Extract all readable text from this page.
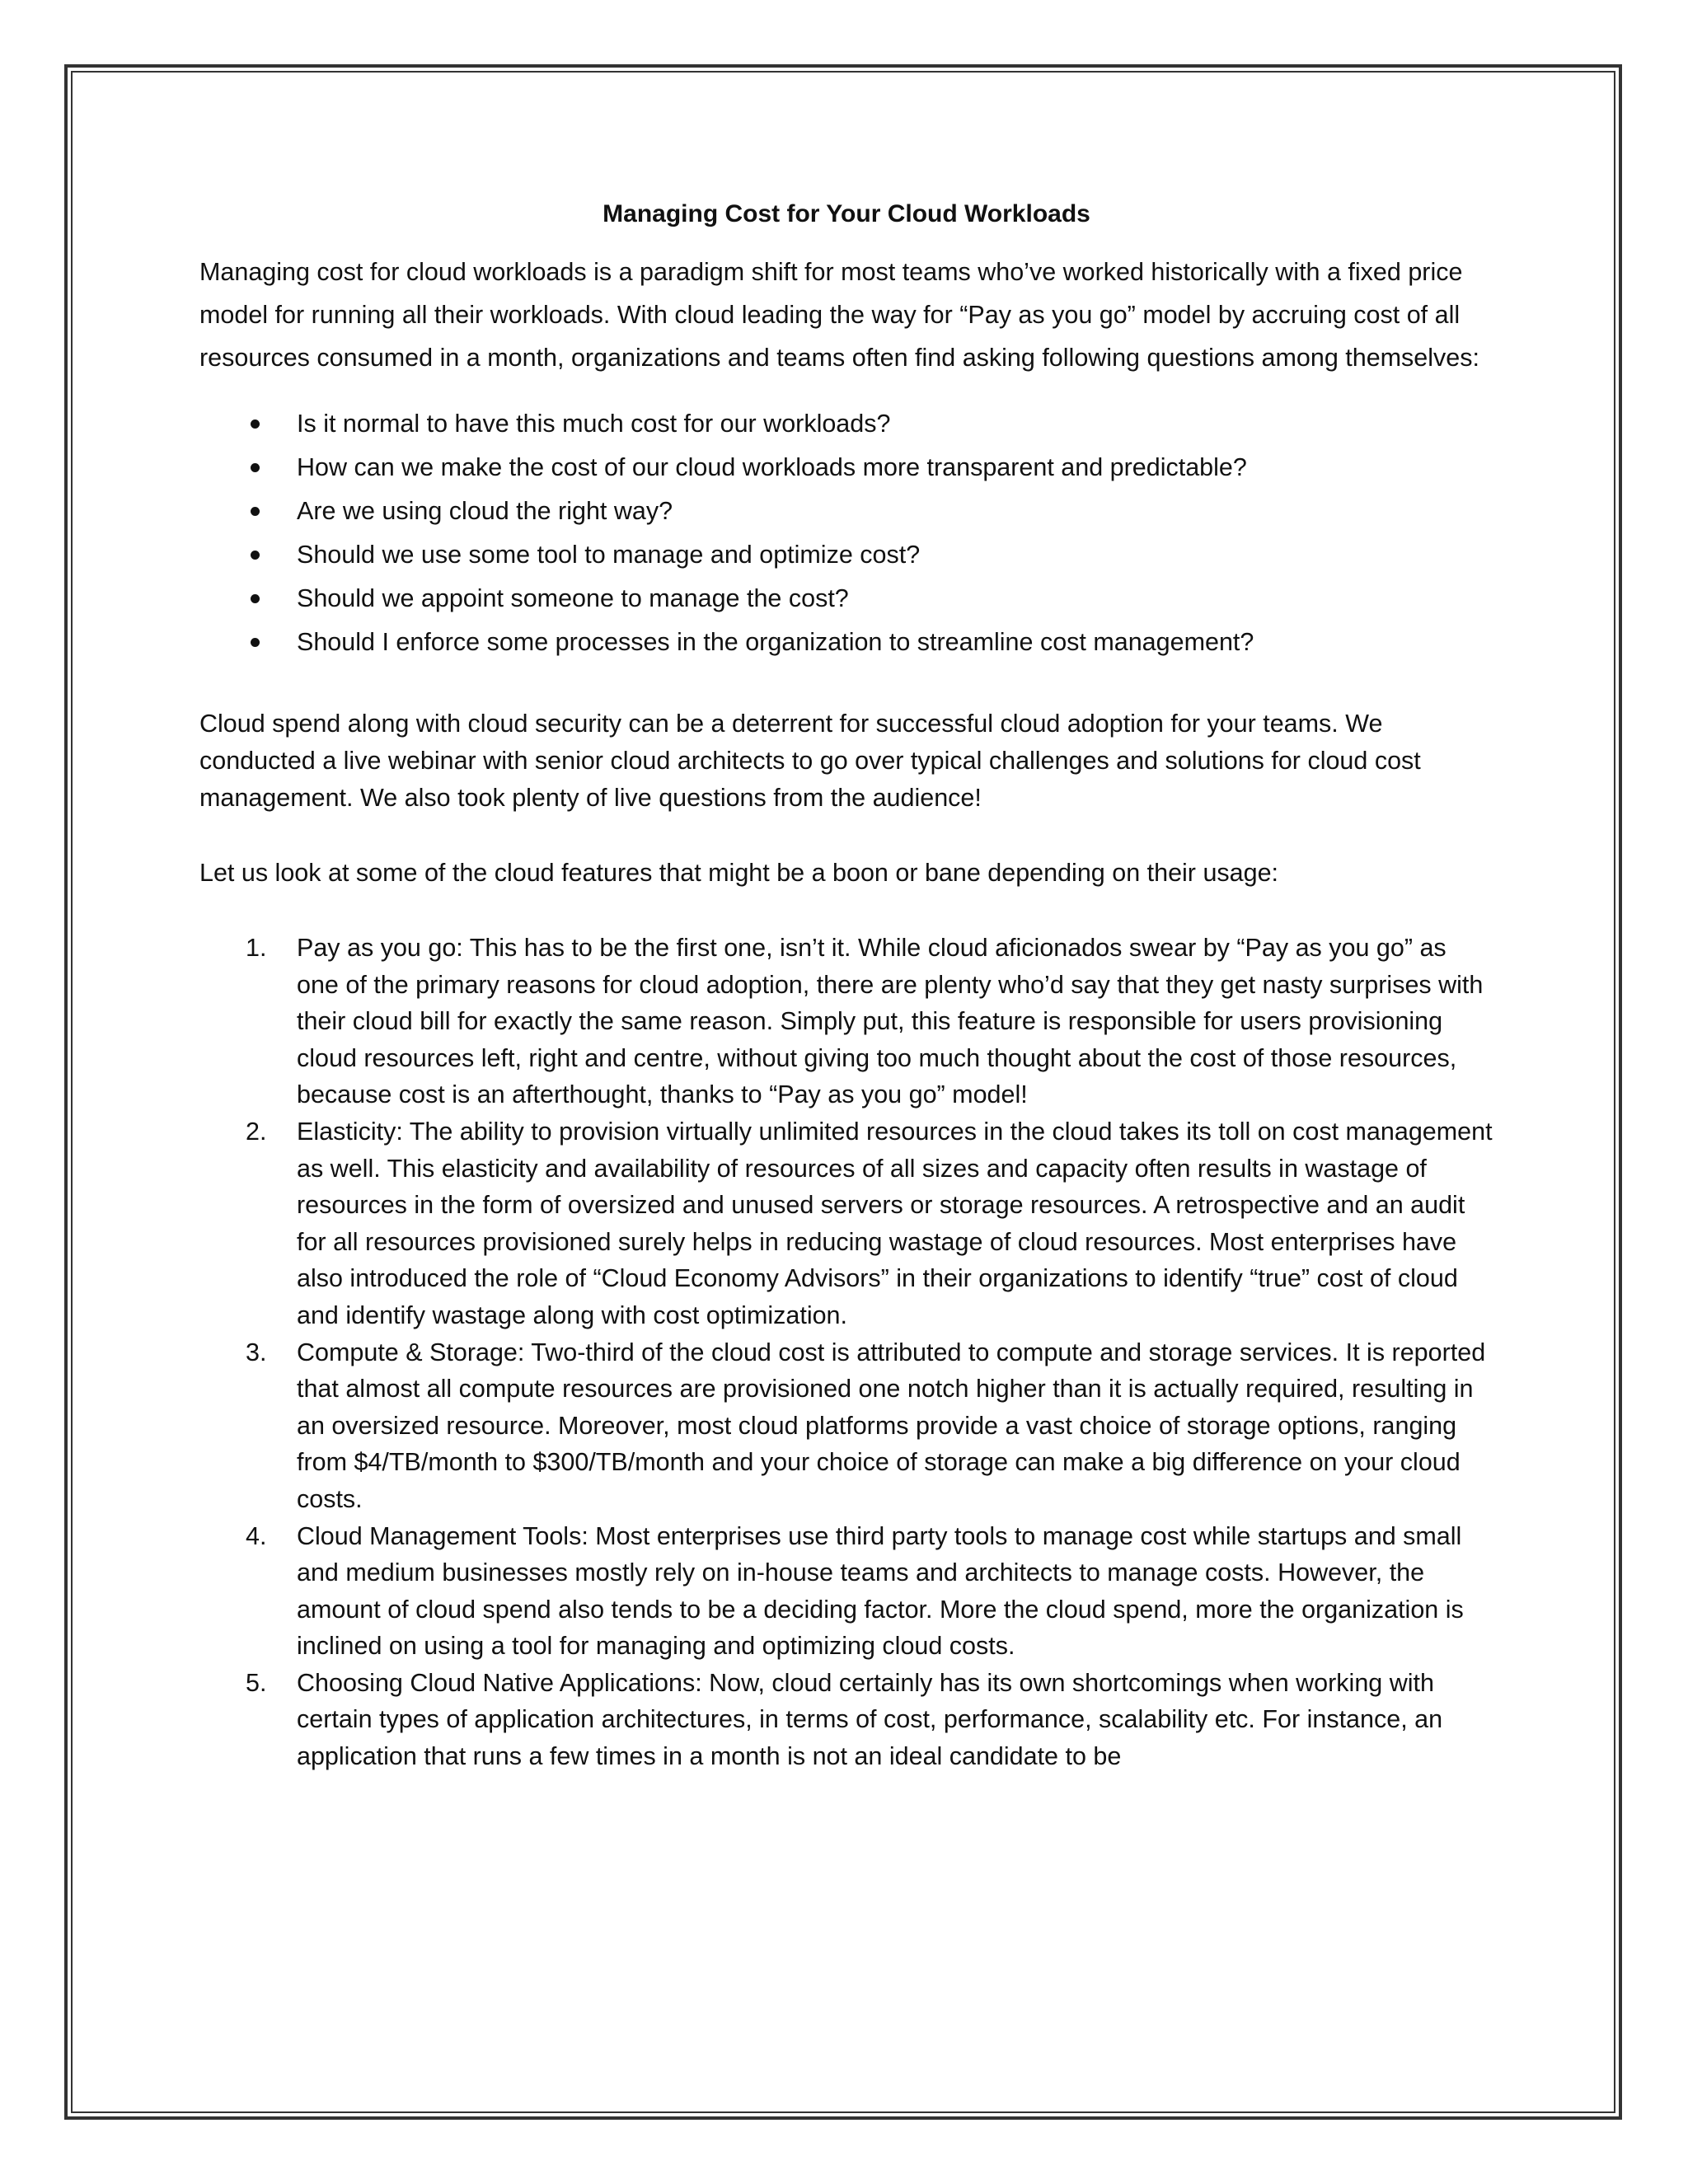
Managing Cost for Your Cloud Workloads

Managing cost for cloud workloads is a paradigm shift for most teams who’ve worked historically with a fixed price model for running all their workloads. With cloud leading the way for “Pay as you go” model by accruing cost of all resources consumed in a month, organizations and teams often find asking following questions among themselves:

Is it normal to have this much cost for our workloads?
How can we make the cost of our cloud workloads more transparent and predictable?
Are we using cloud the right way?
Should we use some tool to manage and optimize cost?
Should we appoint someone to manage the cost?
Should I enforce some processes in the organization to streamline cost management?

Cloud spend along with cloud security can be a deterrent for successful cloud adoption for your teams. We conducted a live webinar with senior cloud architects to go over typical challenges and solutions for cloud cost management. We also took plenty of live questions from the audience!

Let us look at some of the cloud features that might be a boon or bane depending on their usage:

1. Pay as you go: This has to be the first one, isn’t it. While cloud aficionados swear by “Pay as you go” as one of the primary reasons for cloud adoption, there are plenty who’d say that they get nasty surprises with their cloud bill for exactly the same reason. Simply put, this feature is responsible for users provisioning cloud resources left, right and centre, without giving too much thought about the cost of those resources, because cost is an afterthought, thanks to “Pay as you go” model!
2. Elasticity: The ability to provision virtually unlimited resources in the cloud takes its toll on cost management as well. This elasticity and availability of resources of all sizes and capacity often results in wastage of resources in the form of oversized and unused servers or storage resources. A retrospective and an audit for all resources provisioned surely helps in reducing wastage of cloud resources. Most enterprises have also introduced the role of “Cloud Economy Advisors” in their organizations to identify “true” cost of cloud and identify wastage along with cost optimization.
3. Compute & Storage: Two-third of the cloud cost is attributed to compute and storage services. It is reported that almost all compute resources are provisioned one notch higher than it is actually required, resulting in an oversized resource. Moreover, most cloud platforms provide a vast choice of storage options, ranging from $4/TB/month to $300/TB/month and your choice of storage can make a big difference on your cloud costs.
4. Cloud Management Tools: Most enterprises use third party tools to manage cost while startups and small and medium businesses mostly rely on in-house teams and architects to manage costs. However, the amount of cloud spend also tends to be a deciding factor. More the cloud spend, more the organization is inclined on using a tool for managing and optimizing cloud costs.
5. Choosing Cloud Native Applications: Now, cloud certainly has its own shortcomings when working with certain types of application architectures, in terms of cost, performance, scalability etc. For instance, an application that runs a few times in a month is not an ideal candidate to be
